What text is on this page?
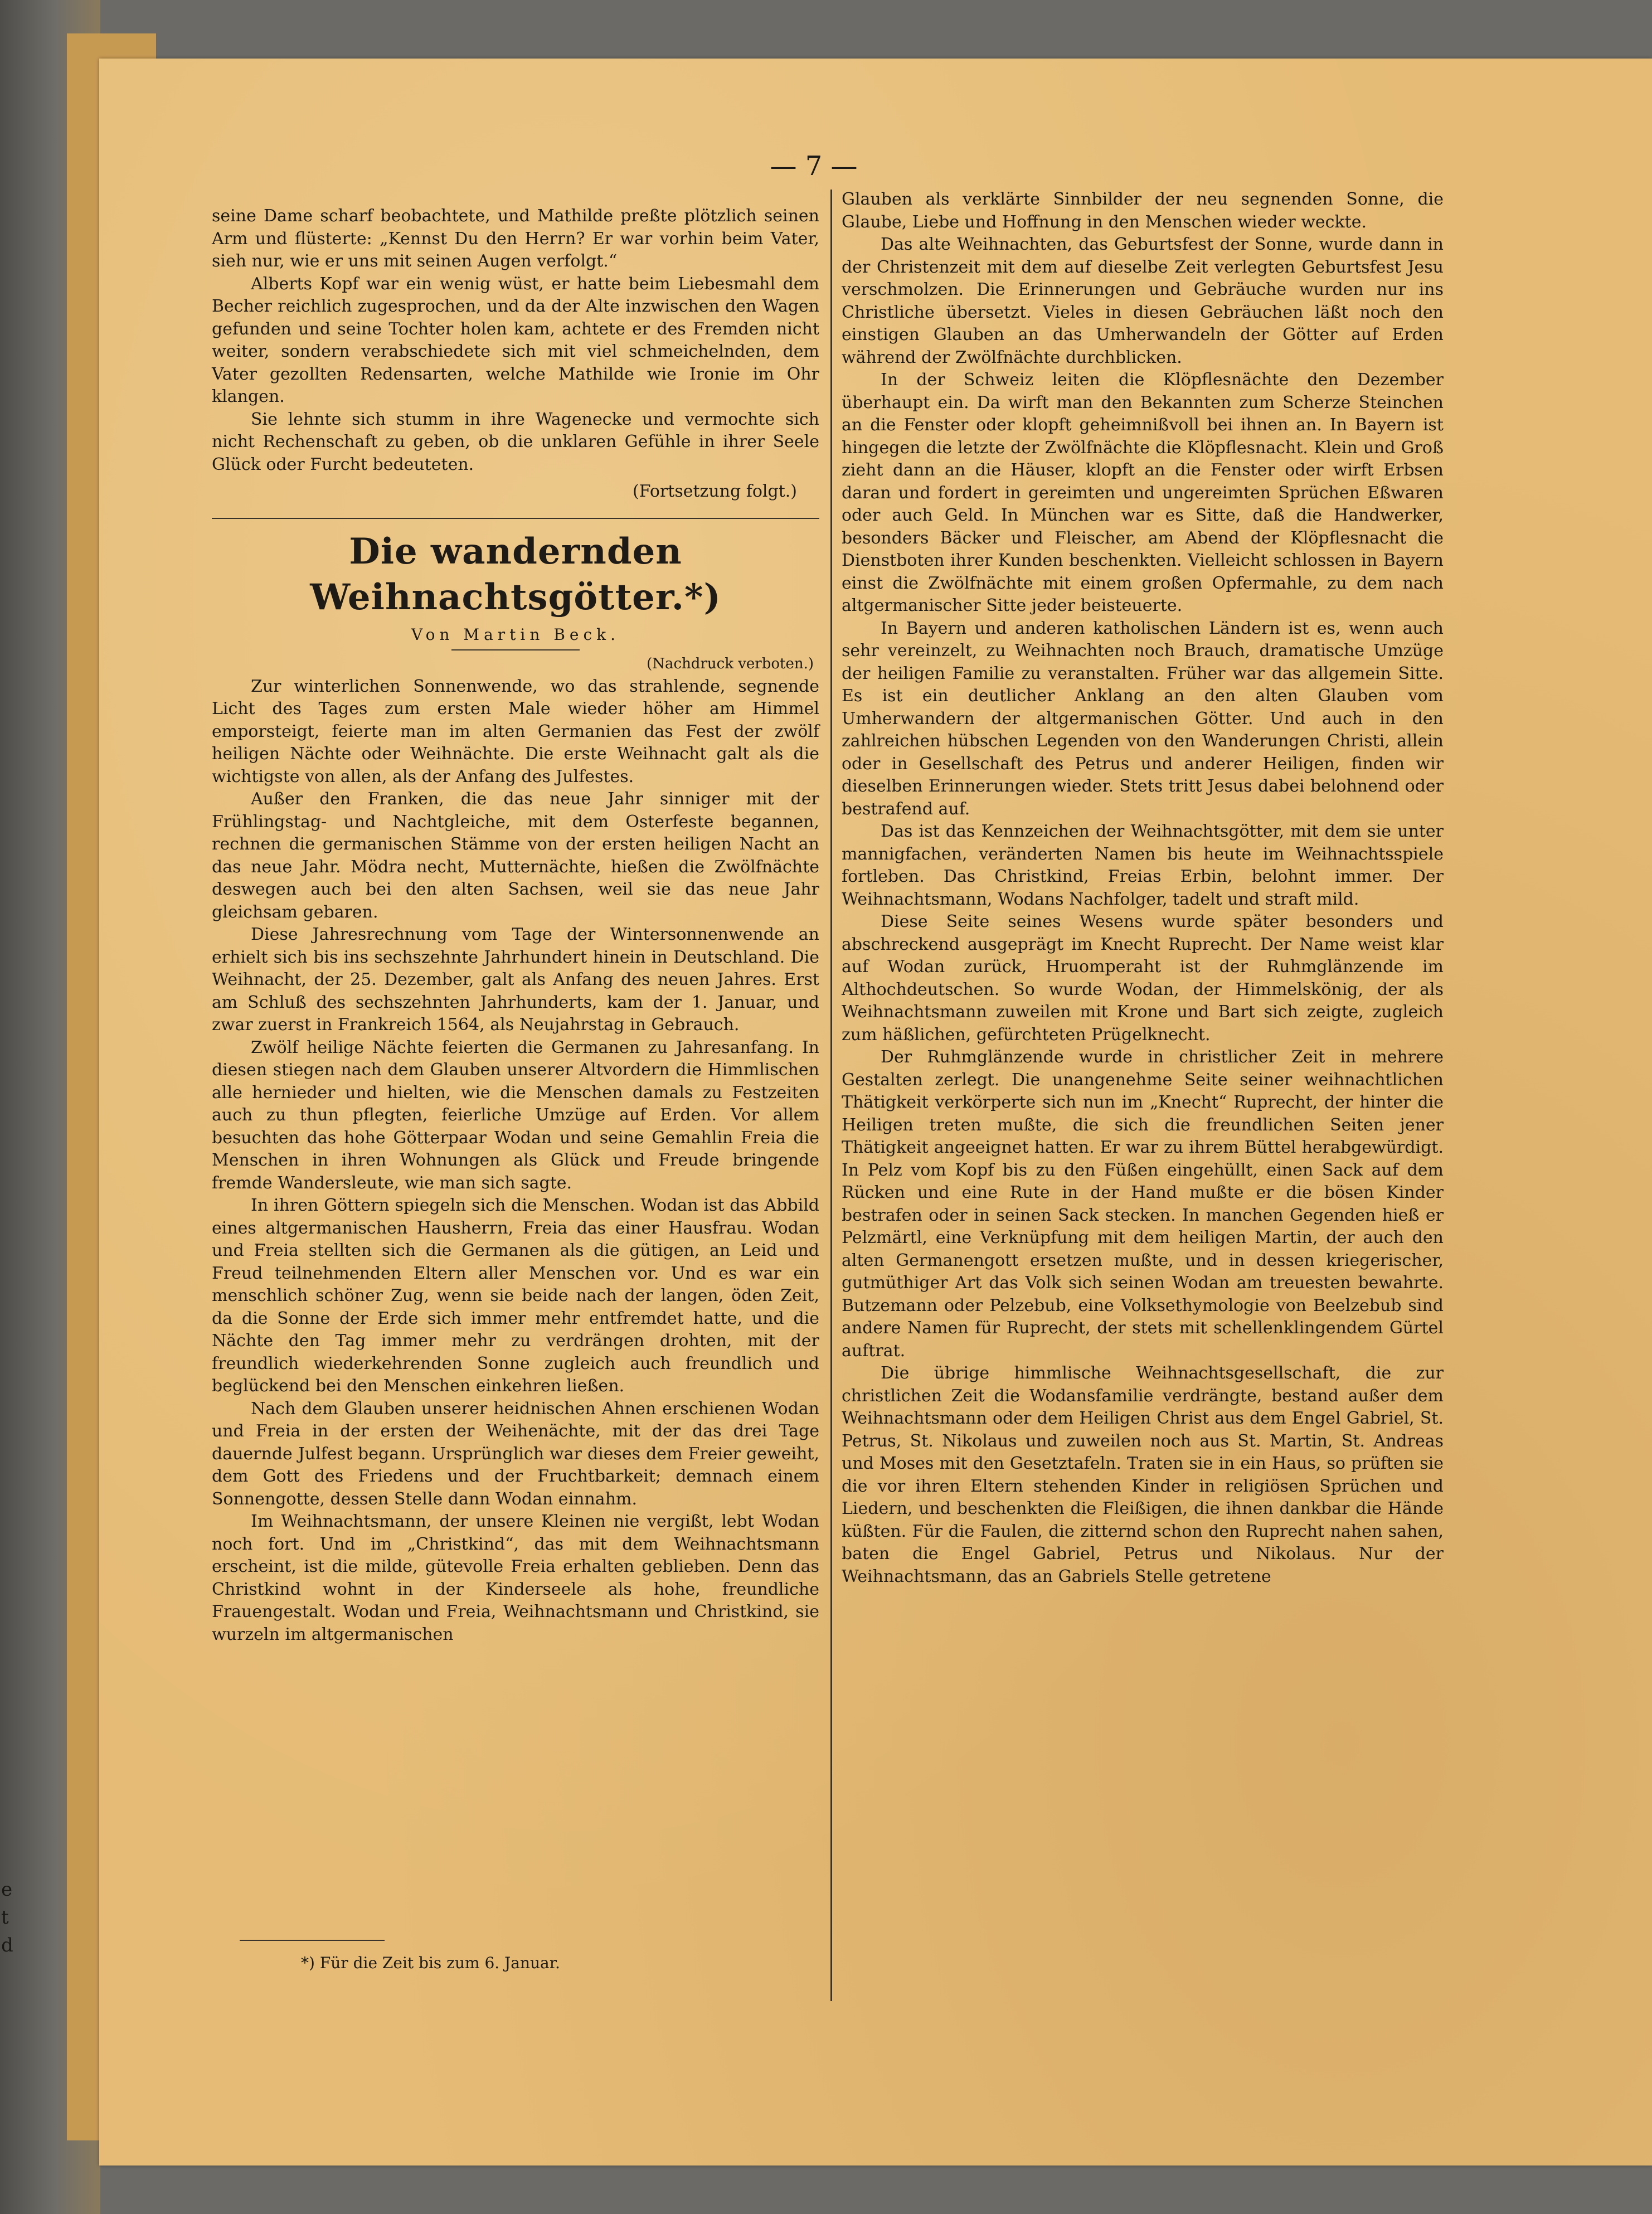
— 7 —

seine Dame scharf beobachtete, und Mathilde preßte plötzlich seinen Arm und flüsterte: „Kennst Du den Herrn? Er war vorhin beim Vater, sieh nur, wie er uns mit seinen Augen verfolgt.“

Alberts Kopf war ein wenig wüst, er hatte beim Liebesmahl dem Becher reichlich zugesprochen, und da der Alte inzwischen den Wagen gefunden und seine Tochter holen kam, achtete er des Fremden nicht weiter, sondern verabschiedete sich mit viel schmeichelnden, dem Vater gezollten Redensarten, welche Mathilde wie Ironie im Ohr klangen.

Sie lehnte sich stumm in ihre Wagenecke und vermochte sich nicht Rechenschaft zu geben, ob die unklaren Gefühle in ihrer Seele Glück oder Furcht bedeuteten.

(Fortsetzung folgt.)

Die wandernden Weihnachtsgötter.*)

Von Martin Beck.

(Nachdruck verboten.)

Zur winterlichen Sonnenwende, wo das strahlende, segnende Licht des Tages zum ersten Male wieder höher am Himmel emporsteigt, feierte man im alten Germanien das Fest der zwölf heiligen Nächte oder Weihnächte. Die erste Weihnacht galt als die wichtigste von allen, als der Anfang des Julfestes.

Außer den Franken, die das neue Jahr sinniger mit der Frühlingstag- und Nachtgleiche, mit dem Osterfeste begannen, rechnen die germanischen Stämme von der ersten heiligen Nacht an das neue Jahr. Mödra necht, Mutternächte, hießen die Zwölfnächte deswegen auch bei den alten Sachsen, weil sie das neue Jahr gleichsam gebaren.

Diese Jahresrechnung vom Tage der Wintersonnenwende an erhielt sich bis ins sechszehnte Jahrhundert hinein in Deutschland. Die Weihnacht, der 25. Dezember, galt als Anfang des neuen Jahres. Erst am Schluß des sechszehnten Jahrhunderts, kam der 1. Januar, und zwar zuerst in Frankreich 1564, als Neujahrstag in Gebrauch.

Zwölf heilige Nächte feierten die Germanen zu Jahresanfang. In diesen stiegen nach dem Glauben unserer Altvordern die Himmlischen alle hernieder und hielten, wie die Menschen damals zu Festzeiten auch zu thun pflegten, feierliche Umzüge auf Erden. Vor allem besuchten das hohe Götterpaar Wodan und seine Gemahlin Freia die Menschen in ihren Wohnungen als Glück und Freude bringende fremde Wandersleute, wie man sich sagte.

In ihren Göttern spiegeln sich die Menschen. Wodan ist das Abbild eines altgermanischen Hausherrn, Freia das einer Hausfrau. Wodan und Freia stellten sich die Germanen als die gütigen, an Leid und Freud teilnehmenden Eltern aller Menschen vor. Und es war ein menschlich schöner Zug, wenn sie beide nach der langen, öden Zeit, da die Sonne der Erde sich immer mehr entfremdet hatte, und die Nächte den Tag immer mehr zu verdrängen drohten, mit der freundlich wiederkehrenden Sonne zugleich auch freundlich und beglückend bei den Menschen einkehren ließen.

Nach dem Glauben unserer heidnischen Ahnen erschienen Wodan und Freia in der ersten der Weihenächte, mit der das drei Tage dauernde Julfest begann. Ursprünglich war dieses dem Freier geweiht, dem Gott des Friedens und der Fruchtbarkeit; demnach einem Sonnengotte, dessen Stelle dann Wodan einnahm.

Im Weihnachtsmann, der unsere Kleinen nie vergißt, lebt Wodan noch fort. Und im „Christkind“, das mit dem Weihnachtsmann erscheint, ist die milde, gütevolle Freia erhalten geblieben. Denn das Christkind wohnt in der Kinderseele als hohe, freundliche Frauengestalt. Wodan und Freia, Weihnachtsmann und Christkind, sie wurzeln im altgermanischen

Glauben als verklärte Sinnbilder der neu segnenden Sonne, die Glaube, Liebe und Hoffnung in den Menschen wieder weckte.

Das alte Weihnachten, das Geburtsfest der Sonne, wurde dann in der Christenzeit mit dem auf dieselbe Zeit verlegten Geburtsfest Jesu verschmolzen. Die Erinnerungen und Gebräuche wurden nur ins Christliche übersetzt. Vieles in diesen Gebräuchen läßt noch den einstigen Glauben an das Umherwandeln der Götter auf Erden während der Zwölfnächte durchblicken.

In der Schweiz leiten die Klöpflesnächte den Dezember überhaupt ein. Da wirft man den Bekannten zum Scherze Steinchen an die Fenster oder klopft geheimnißvoll bei ihnen an. In Bayern ist hingegen die letzte der Zwölfnächte die Klöpflesnacht. Klein und Groß zieht dann an die Häuser, klopft an die Fenster oder wirft Erbsen daran und fordert in gereimten und ungereimten Sprüchen Eßwaren oder auch Geld. In München war es Sitte, daß die Handwerker, besonders Bäcker und Fleischer, am Abend der Klöpflesnacht die Dienstboten ihrer Kunden beschenkten. Vielleicht schlossen in Bayern einst die Zwölfnächte mit einem großen Opfermahle, zu dem nach altgermanischer Sitte jeder beisteuerte.

In Bayern und anderen katholischen Ländern ist es, wenn auch sehr vereinzelt, zu Weihnachten noch Brauch, dramatische Umzüge der heiligen Familie zu veranstalten. Früher war das allgemein Sitte. Es ist ein deutlicher Anklang an den alten Glauben vom Umherwandern der altgermanischen Götter. Und auch in den zahlreichen hübschen Legenden von den Wanderungen Christi, allein oder in Gesellschaft des Petrus und anderer Heiligen, finden wir dieselben Erinnerungen wieder. Stets tritt Jesus dabei belohnend oder bestrafend auf.

Das ist das Kennzeichen der Weihnachtsgötter, mit dem sie unter mannigfachen, veränderten Namen bis heute im Weihnachtsspiele fortleben. Das Christkind, Freias Erbin, belohnt immer. Der Weihnachtsmann, Wodans Nachfolger, tadelt und straft mild.

Diese Seite seines Wesens wurde später besonders und abschreckend ausgeprägt im Knecht Ruprecht. Der Name weist klar auf Wodan zurück, Hruomperaht ist der Ruhmglänzende im Althochdeutschen. So wurde Wodan, der Himmelskönig, der als Weihnachtsmann zuweilen mit Krone und Bart sich zeigte, zugleich zum häßlichen, gefürchteten Prügelknecht.

Der Ruhmglänzende wurde in christlicher Zeit in mehrere Gestalten zerlegt. Die unangenehme Seite seiner weihnachtlichen Thätigkeit verkörperte sich nun im „Knecht“ Ruprecht, der hinter die Heiligen treten mußte, die sich die freundlichen Seiten jener Thätigkeit angeeignet hatten. Er war zu ihrem Büttel herabgewürdigt. In Pelz vom Kopf bis zu den Füßen eingehüllt, einen Sack auf dem Rücken und eine Rute in der Hand mußte er die bösen Kinder bestrafen oder in seinen Sack stecken. In manchen Gegenden hieß er Pelzmärtl, eine Verknüpfung mit dem heiligen Martin, der auch den alten Germanengott ersetzen mußte, und in dessen kriegerischer, gutmüthiger Art das Volk sich seinen Wodan am treuesten bewahrte. Butzemann oder Pelzebub, eine Volksethymologie von Beelzebub sind andere Namen für Ruprecht, der stets mit schellenklingendem Gürtel auftrat.

Die übrige himmlische Weihnachtsgesellschaft, die zur christlichen Zeit die Wodansfamilie verdrängte, bestand außer dem Weihnachtsmann oder dem Heiligen Christ aus dem Engel Gabriel, St. Petrus, St. Nikolaus und zuweilen noch aus St. Martin, St. Andreas und Moses mit den Gesetztafeln. Traten sie in ein Haus, so prüften sie die vor ihren Eltern stehenden Kinder in religiösen Sprüchen und Liedern, und beschenkten die Fleißigen, die ihnen dankbar die Hände küßten. Für die Faulen, die zitternd schon den Ruprecht nahen sahen, baten die Engel Gabriel, Petrus und Nikolaus. Nur der Weihnachtsmann, das an Gabriels Stelle getretene

*) Für die Zeit bis zum 6. Januar.
e
t
d
